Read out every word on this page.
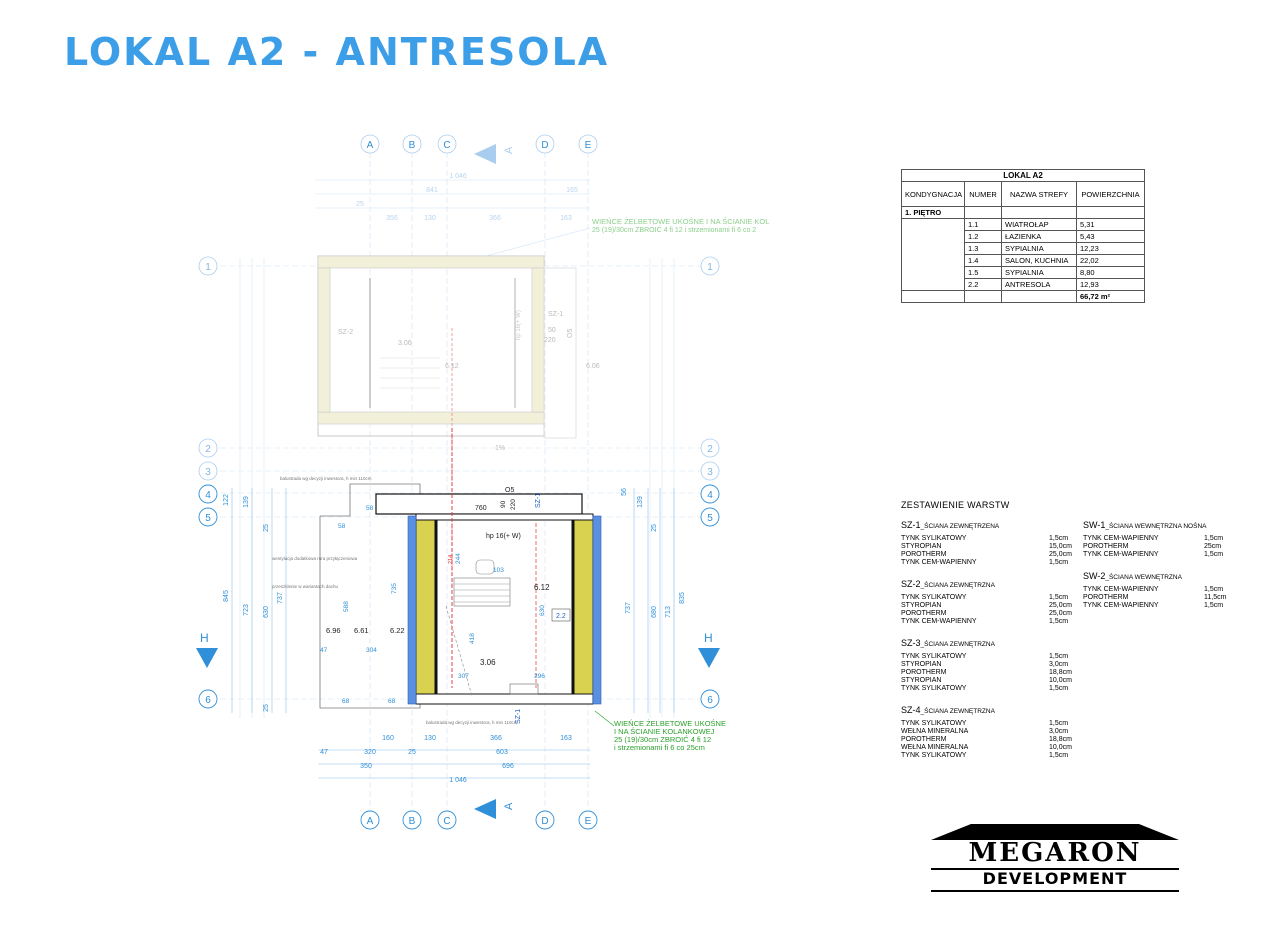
LOKAL A2 - ANTRESOLA
A	B	C	D	E
A
1 046
841	165
25
356	130	366	163	WIEŃCE ŻELBETOWE UKOŚNE I NA ŚCIANIE KOL
25 (19)/30cm ZBROIĆ 4 fi 12 i strzemionami fi 6 co 2
1	1
2	2
3	3
SZ-2
SZ-1
3.06
6.12	6.06
hp 16(+ W)	50
220
O5
1%
4	4
5	5
6	6
H	H
122 139
25
723
845
630
737
25
56
139
25
737	680 713
835
O5
760
90 220	SZ-1
hp 16(+ W)
6.12
2.2
3.06
6.96 6.61	6.22
47	304
588
418
630
307	296
68	68
58
58
244
735
103
214
SZ-1
wentylacja dodatkowa rura przyłączeniowa
przeszklenie w wariantach dachu
balustrada wg decyzji inwestora, h min 110cm
balustrada wg decyzji inwestora, h min 110cm	WIEŃCE ŻELBETOWE UKOŚNE
I NA ŚCIANIE KOLANKOWEJ
25 (19)/30cm ZBROIĆ 4 fi 12
i strzemionami fi 6 co 25cm
160	130	366	163
47	320	25	603
350	696
1 046
A
A	B	C	D	E
LOKAL A2			
KONDYGNACJA	NUMER	NAZWA STREFY	POWIERZCHNIA
1. PIĘTRO			
	1.1	WIATROŁAP	5,31
	1.2	ŁAZIENKA	5,43
	1.3	SYPIALNIA	12,23
	1.4	SALON, KUCHNIA	22,02
	1.5	SYPIALNIA	8,80
	2.2	ANTRESOLA	12,93
			66,72 m²
ZESTAWIENIE WARSTW
SZ-1_ŚCIANA ZEWNĘTRZENA
TYNK SYLIKATOWY	1,5cm
STYROPIAN	15,0cm
POROTHERM	25,0cm
TYNK CEM-WAPIENNY	1,5cm
SZ-2_ŚCIANA ZEWNĘTRZNA
TYNK SYLIKATOWY	1,5cm
STYROPIAN	25,0cm
POROTHERM	25,0cm
TYNK CEM-WAPIENNY	1,5cm
SZ-3_ŚCIANA ZEWNĘTRZNA
TYNK SYLIKATOWY	1,5cm
STYROPIAN	3,0cm
POROTHERM	18,8cm
STYROPIAN	10,0cm
TYNK SYLIKATOWY	1,5cm
SZ-4_ŚCIANA ZEWNĘTRZNA
TYNK SYLIKATOWY	1,5cm
WEŁNA MINERALNA	3,0cm
POROTHERM	18,8cm
WEŁNA MINERALNA	10,0cm
TYNK SYLIKATOWY	1,5cm
SW-1_ŚCIANA WEWNĘTRZNA NOŚNA
TYNK CEM-WAPIENNY	1,5cm
POROTHERM	25cm
TYNK CEM-WAPIENNY	1,5cm
SW-2_ŚCIANA WEWNĘTRZNA
TYNK CEM-WAPIENNY	1,5cm
POROTHERM	11,5cm
TYNK CEM-WAPIENNY	1,5cm
MEGARON
DEVELOPMENT
